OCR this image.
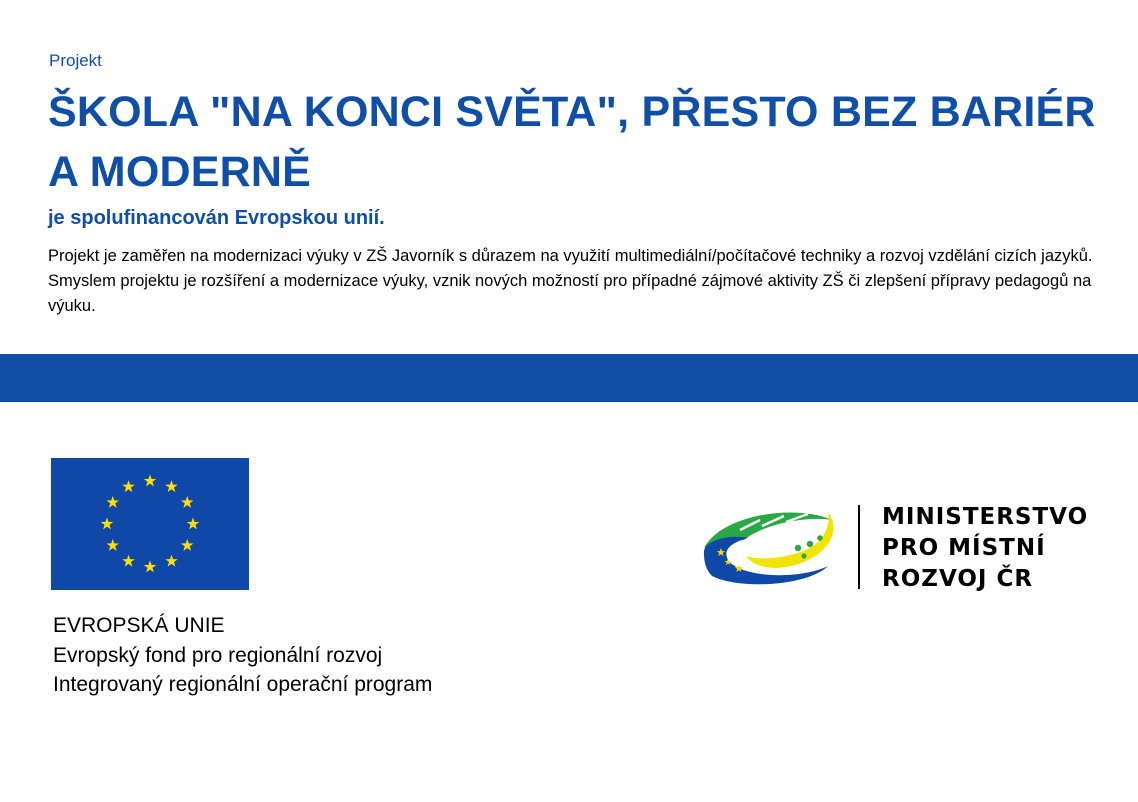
Projekt
ŠKOLA "NA KONCI SVĚTA", PŘESTO BEZ BARIÉR A MODERNĚ
je spolufinancován Evropskou unií.
Projekt je zaměřen na modernizaci výuky v ZŠ Javorník s důrazem na využití multimediální/počítačové techniky a rozvoj vzdělání cizích jazyků. Smyslem projektu je rozšíření a modernizace výuky, vznik nových možností pro případné zájmové aktivity ZŠ či zlepšení přípravy pedagogů na výuku.
EVROPSKÁ UNIE
Evropský fond pro regionální rozvoj
Integrovaný regionální operační program
★
★
★
MINISTERSTVO
PRO MÍSTNÍ
ROZVOJ ČR
